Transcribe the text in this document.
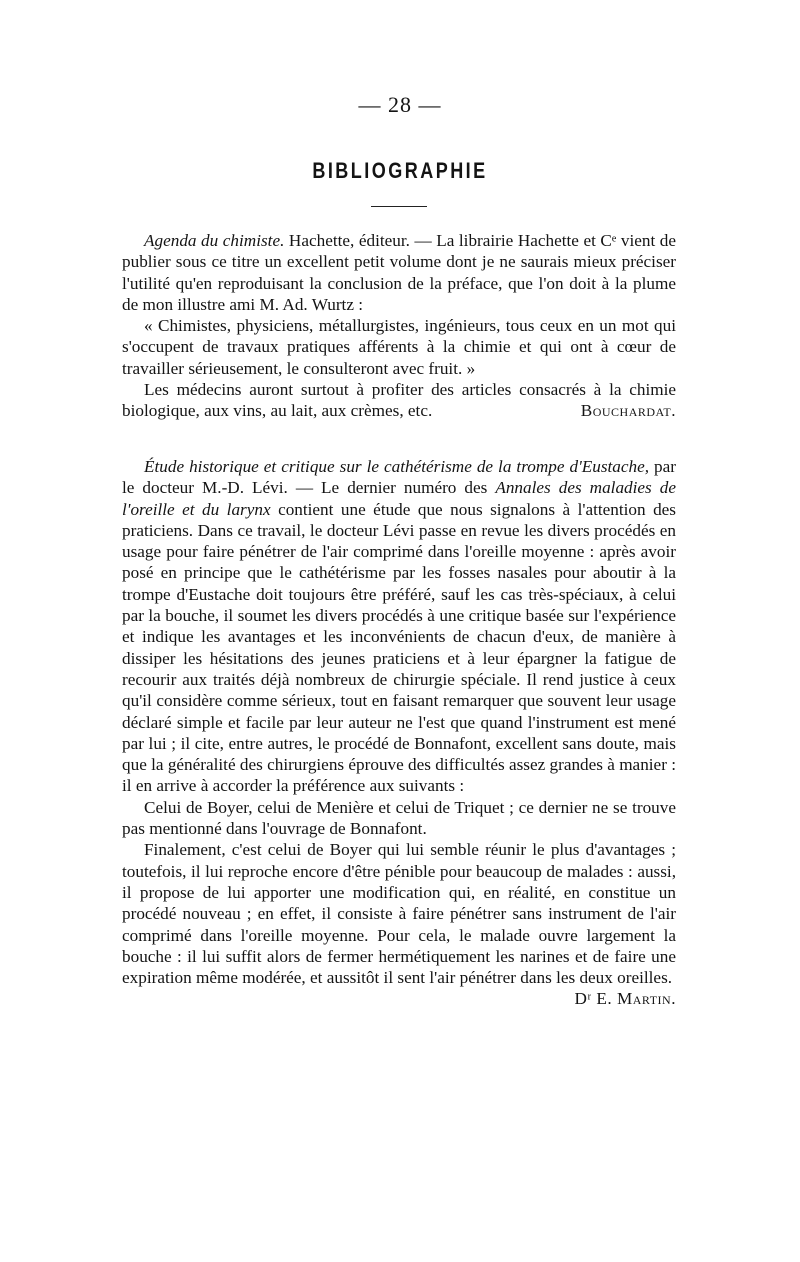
— 28 —
BIBLIOGRAPHIE

Agenda du chimiste. Hachette, éditeur. — La librairie Hachette et Cᵉ vient de publier sous ce titre un excellent petit volume dont je ne saurais mieux préciser l'utilité qu'en reproduisant la conclusion de la préface, que l'on doit à la plume de mon illustre ami M. Ad. Wurtz :

« Chimistes, physiciens, métallurgistes, ingénieurs, tous ceux en un mot qui s'occupent de travaux pratiques afférents à la chimie et qui ont à cœur de travailler sérieusement, le consulteront avec fruit. »

Les médecins auront surtout à profiter des articles consacrés à la chimie biologique, aux vins, au lait, aux crèmes, etc.	Bouchardat.

Étude historique et critique sur le cathétérisme de la trompe d'Eustache, par le docteur M.-D. Lévi. — Le dernier numéro des Annales des maladies de l'oreille et du larynx contient une étude que nous signalons à l'attention des praticiens. Dans ce travail, le docteur Lévi passe en revue les divers procédés en usage pour faire pénétrer de l'air comprimé dans l'oreille moyenne : après avoir posé en principe que le cathétérisme par les fosses nasales pour aboutir à la trompe d'Eustache doit toujours être préféré, sauf les cas très-spéciaux, à celui par la bouche, il soumet les divers procédés à une critique basée sur l'expérience et indique les avantages et les inconvénients de chacun d'eux, de manière à dissiper les hésitations des jeunes praticiens et à leur épargner la fatigue de recourir aux traités déjà nombreux de chirurgie spéciale. Il rend justice à ceux qu'il considère comme sérieux, tout en faisant remarquer que souvent leur usage déclaré simple et facile par leur auteur ne l'est que quand l'instrument est mené par lui ; il cite, entre autres, le procédé de Bonnafont, excellent sans doute, mais que la généralité des chirurgiens éprouve des difficultés assez grandes à manier : il en arrive à accorder la préférence aux suivants :

Celui de Boyer, celui de Menière et celui de Triquet ; ce dernier ne se trouve pas mentionné dans l'ouvrage de Bonnafont.

Finalement, c'est celui de Boyer qui lui semble réunir le plus d'avantages ; toutefois, il lui reproche encore d'être pénible pour beaucoup de malades : aussi, il propose de lui apporter une modification qui, en réalité, en constitue un procédé nouveau ; en effet, il consiste à faire pénétrer sans instrument de l'air comprimé dans l'oreille moyenne. Pour cela, le malade ouvre largement la bouche : il lui suffit alors de fermer hermétiquement les narines et de faire une expiration même modérée, et aussitôt il sent l'air pénétrer dans les deux oreilles.
Dʳ E. Martin.
